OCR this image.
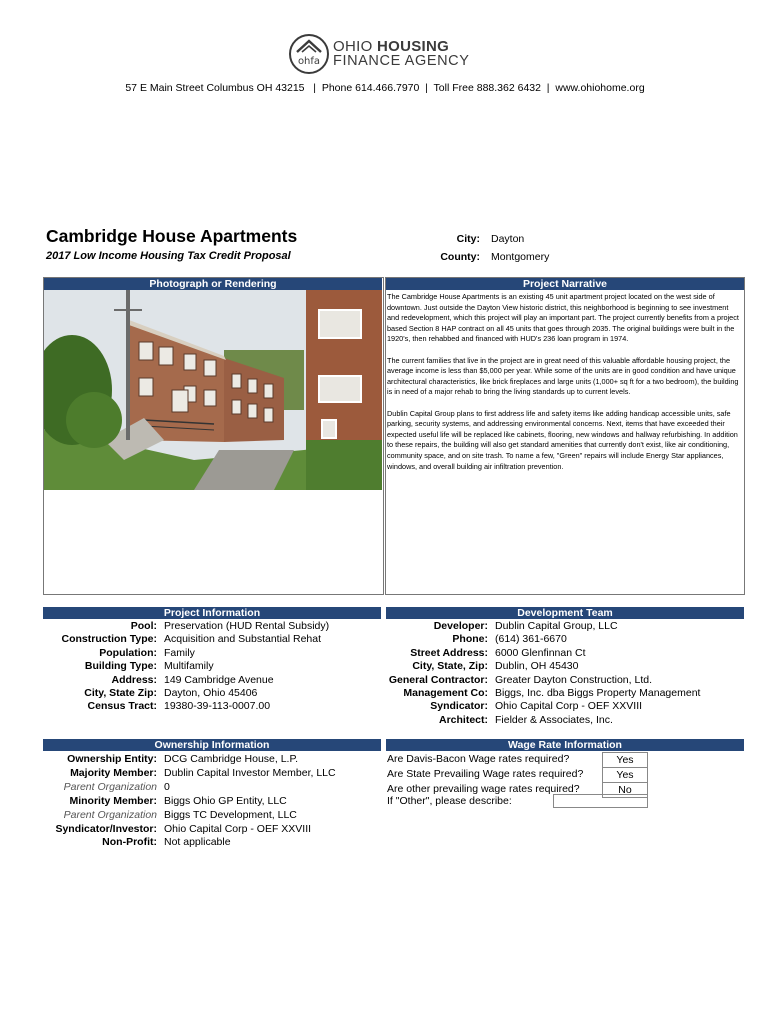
ohfa
OHIO HOUSING
FINANCE AGENCY
57 E Main Street Columbus OH 43215   |  Phone 614.466.7970  |  Toll Free 888.362 6432  |  www.ohiohome.org
Cambridge House Apartments
2017 Low Income Housing Tax Credit Proposal
City: Dayton
County: Montgomery
Photograph or Rendering	Project Narrative

The Cambridge House Apartments is an existing 45 unit apartment project located on the west side of downtown. Just outside the Dayton View historic district, this neighborhood is beginning to see investment and redevelopment, which this project will play an important part. The project currently benefits from a project based Section 8 HAP contract on all 45 units that goes through 2035. The original buildings were built in the 1920's, then rehabbed and financed with HUD's 236 loan program in 1974.

The current families that live in the project are in great need of this valuable affordable housing project, the average income is less than $5,000 per year. While some of the units are in good condition and have unique architectural characteristics, like brick fireplaces and large units (1,000+ sq ft for a two bedroom), the building is in need of a major rehab to bring the living standards up to current levels.

Dublin Capital Group plans to first address life and safety items like adding handicap accessible units, safe parking, security systems, and addressing environmental concerns. Next, items that have exceeded their expected useful life will be replaced like cabinets, flooring, new windows and hallway refurbishing. In addition to these repairs, the building will also get standard amenities that currently don't exist, like air conditioning, community space, and on site trash. To name a few, "Green" repairs will include Energy Star appliances, windows, and overall building air infiltration prevention.

Project Information
Pool: Preservation (HUD Rental Subsidy)
Construction Type: Acquisition and Substantial Rehat
Population: Family
Building Type: Multifamily
Address: 149 Cambridge Avenue
City, State Zip: Dayton, Ohio 45406
Census Tract: 19380-39-113-0007.00
Development Team
Developer: Dublin Capital Group, LLC
Phone: (614) 361-6670
Street Address: 6000 Glenfinnan Ct
City, State, Zip: Dublin, OH 45430
General Contractor: Greater Dayton Construction, Ltd.
Management Co: Biggs, Inc. dba Biggs Property Management
Syndicator: Ohio Capital Corp - OEF XXVIII
Architect: Fielder & Associates, Inc.
Ownership Information
Ownership Entity: DCG Cambridge House, L.P.
Majority Member: Dublin Capital Investor Member, LLC
Parent Organization 0
Minority Member: Biggs Ohio GP Entity, LLC
Parent Organization Biggs TC Development, LLC
Syndicator/Investor: Ohio Capital Corp - OEF XXVIII
Non-Profit: Not applicable
Wage Rate Information
Are Davis-Bacon Wage rates required?	Yes
Are State Prevailing Wage rates required?	Yes
Are other prevailing wage rates required?	No
If "Other", please describe:
